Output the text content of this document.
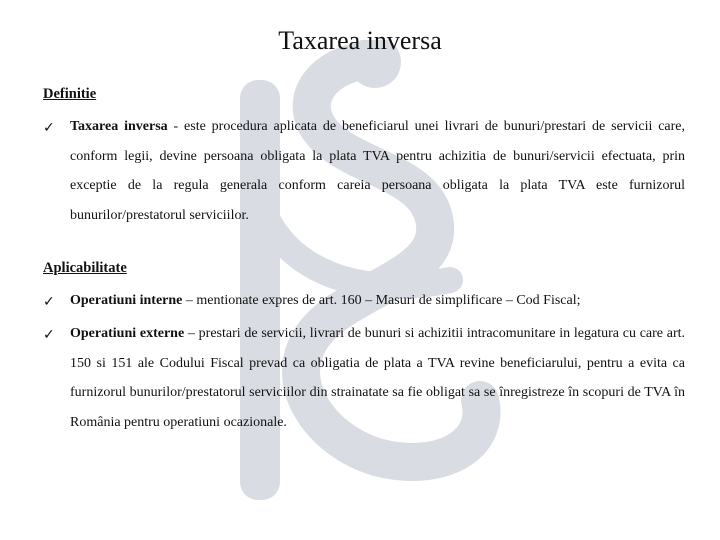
Taxarea inversa
Definitie
✓ Taxarea inversa - este procedura aplicata de beneficiarul unei livrari de bunuri/prestari de servicii care, conform legii, devine persoana obligata la plata TVA pentru achizitia de bunuri/servicii efectuata, prin exceptie de la regula generala conform careia persoana obligata la plata TVA este furnizorul bunurilor/prestatorul serviciilor.
Aplicabilitate
✓ Operatiuni interne – mentionate expres de art. 160 – Masuri de simplificare – Cod Fiscal;
✓ Operatiuni externe – prestari de servicii, livrari de bunuri si achizitii intracomunitare in legatura cu care art. 150 si 151 ale Codului Fiscal prevad ca obligatia de plata a TVA revine beneficiarului, pentru a evita ca furnizorul bunurilor/prestatorul serviciilor din strainatate sa fie obligat sa se înregistreze în scopuri de TVA în România pentru operatiuni ocazionale.
